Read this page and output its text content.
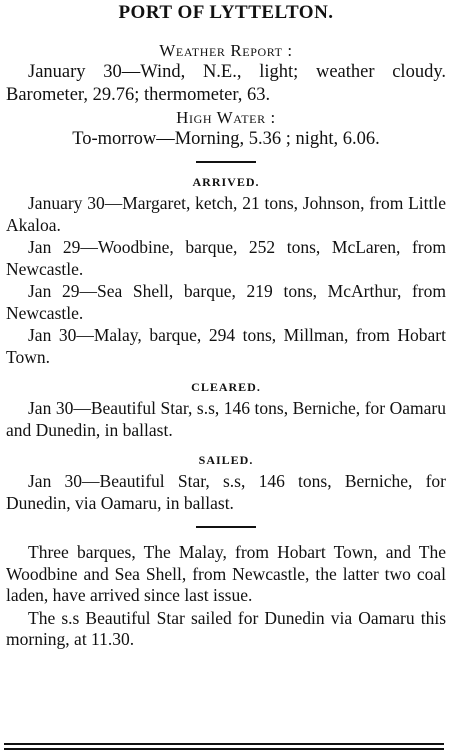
PORT OF LYTTELTON.
Weather Report :
January 30—Wind, N.E., light; weather cloudy. Barometer, 29.76; thermometer, 63.
High Water :
To-morrow—Morning, 5.36 ; night, 6.06.
ARRIVED.
January 30—Margaret, ketch, 21 tons, Johnson, from Little Akaloa.
Jan 29—Woodbine, barque, 252 tons, McLaren, from Newcastle.
Jan 29—Sea Shell, barque, 219 tons, McArthur, from Newcastle.
Jan 30—Malay, barque, 294 tons, Millman, from Hobart Town.
CLEARED.
Jan 30—Beautiful Star, s.s, 146 tons, Berniche, for Oamaru and Dunedin, in ballast.
SAILED.
Jan 30—Beautiful Star, s.s, 146 tons, Berniche, for Dunedin, via Oamaru, in ballast.
Three barques, The Malay, from Hobart Town, and The Woodbine and Sea Shell, from Newcastle, the latter two coal laden, have arrived since last issue.
The s.s Beautiful Star sailed for Dunedin via Oamaru this morning, at 11.30.
